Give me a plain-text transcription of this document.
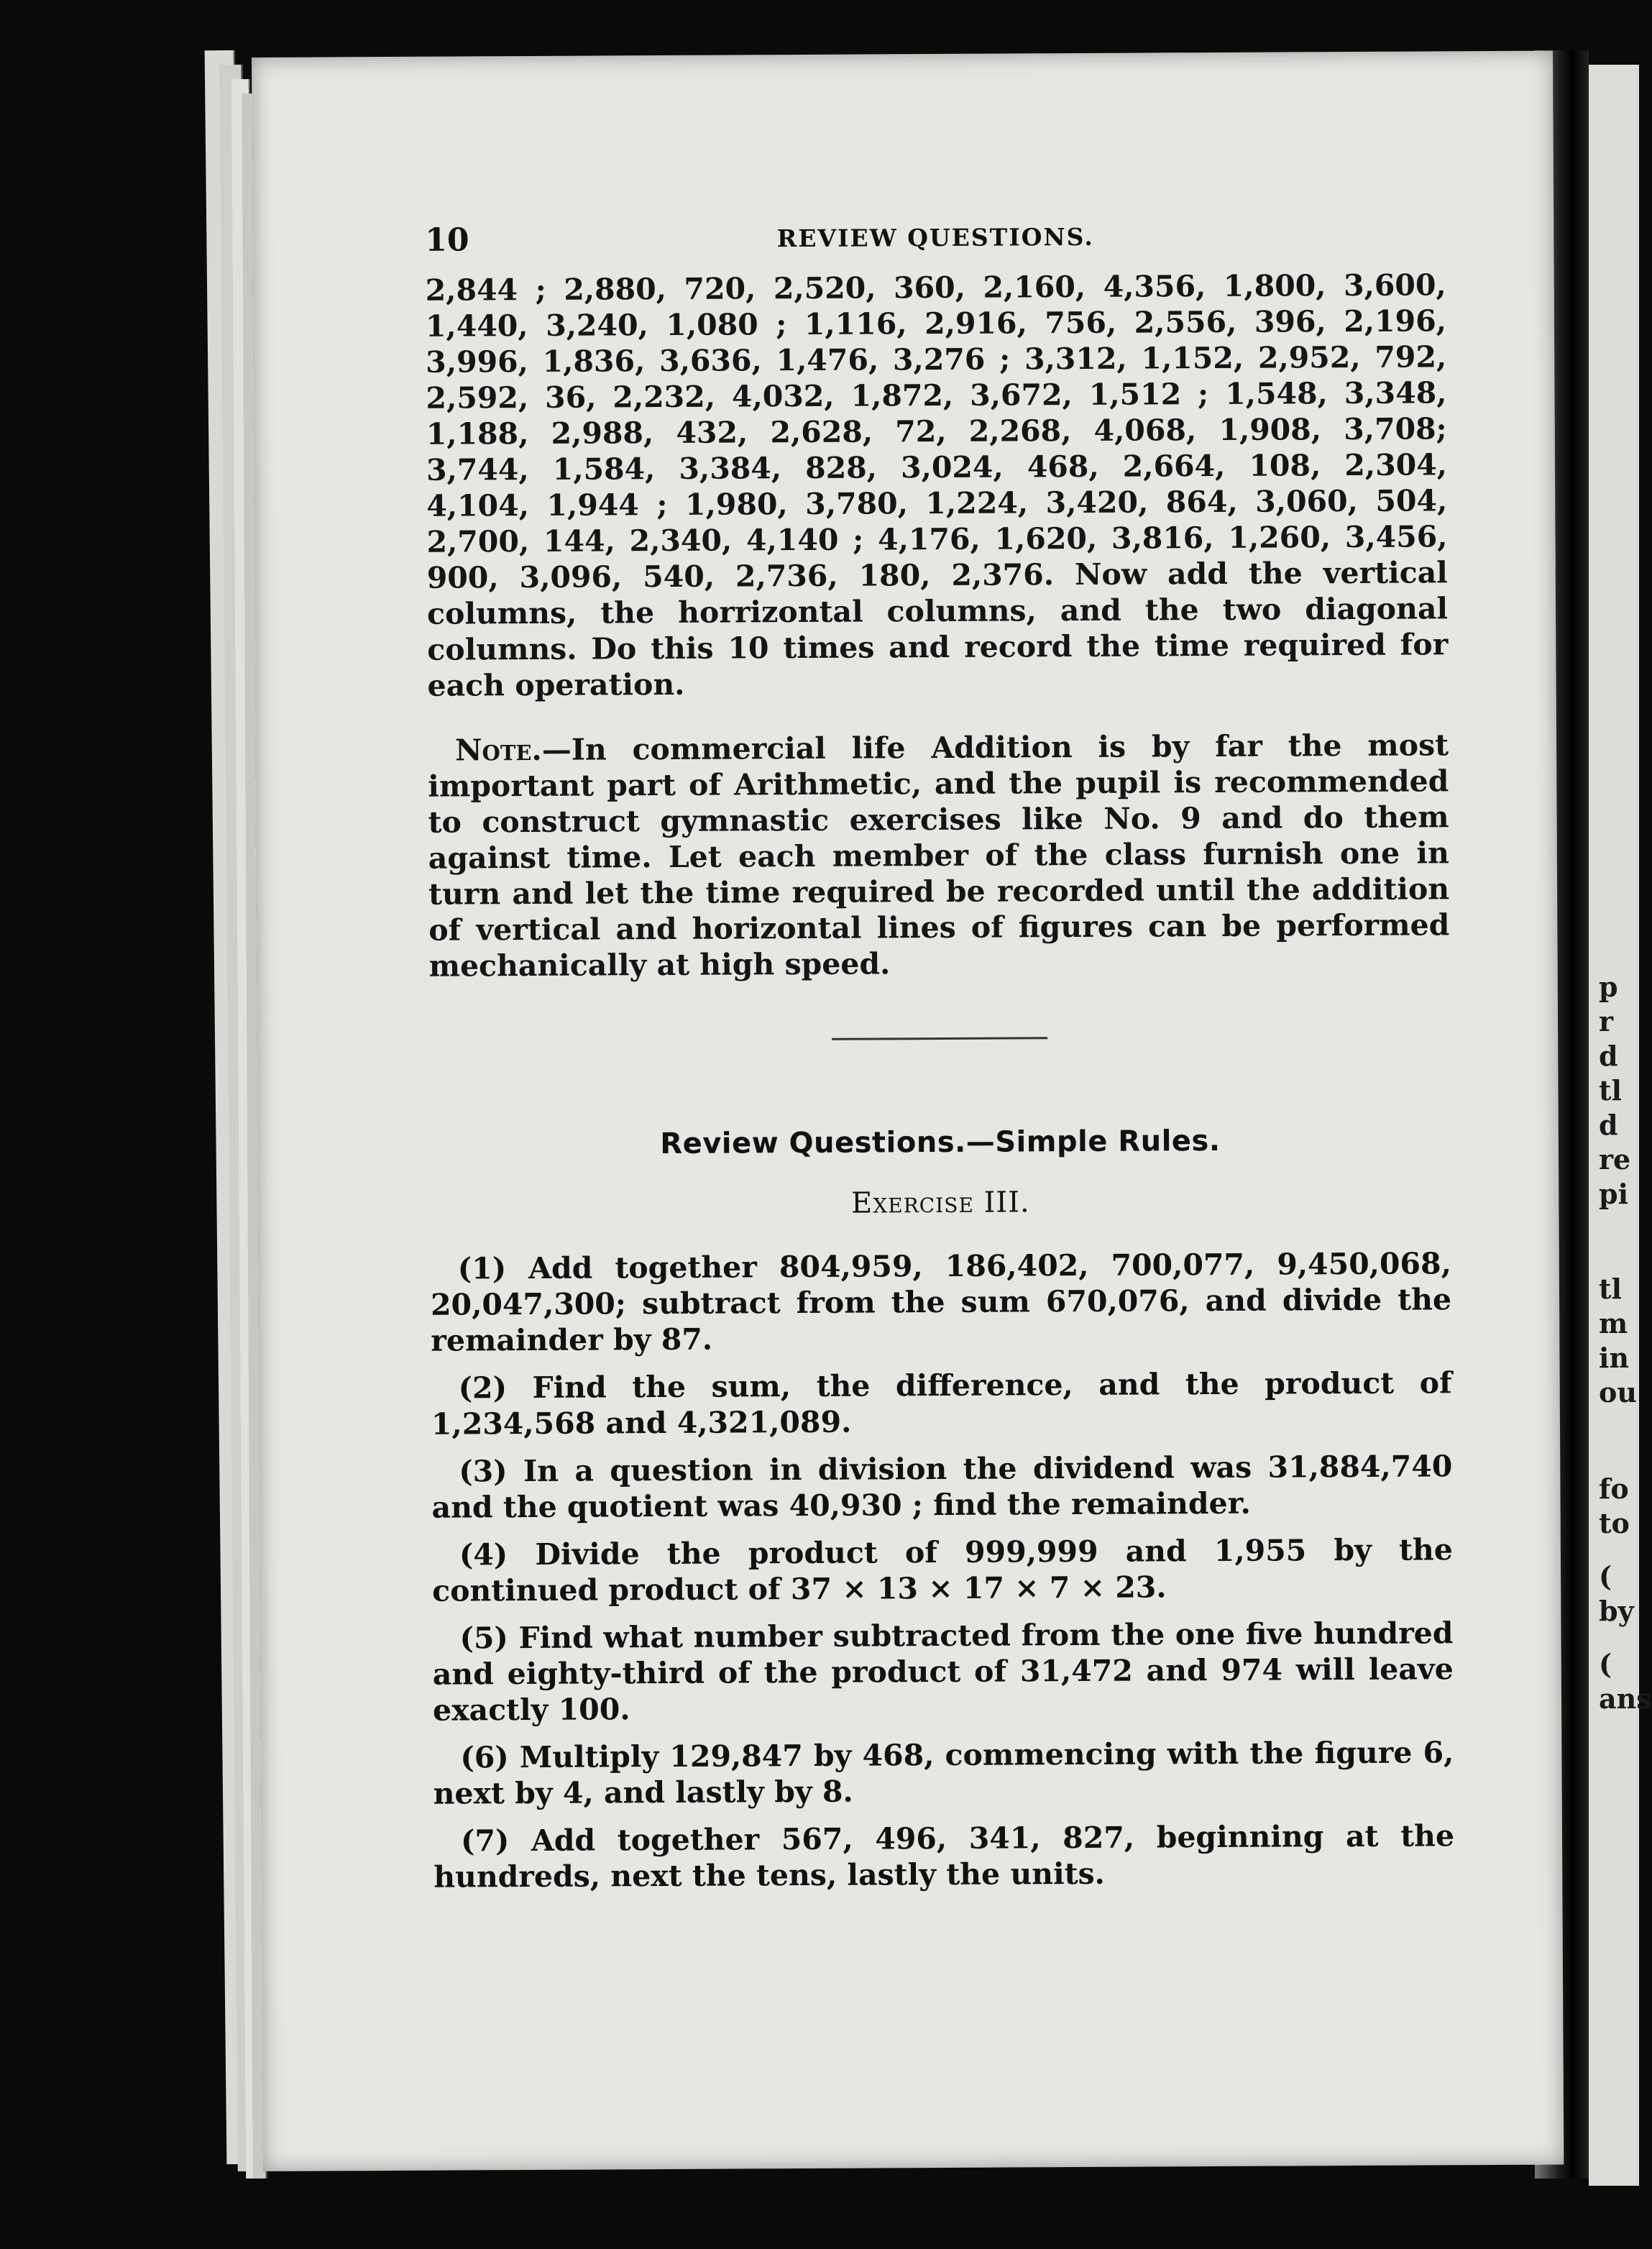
p
r
d
tl
d
re
pi
tl
m
in
ou
fo
to
(
by
(
ans
10	REVIEW QUESTIONS.

2,844 ; 2,880, 720, 2,520, 360, 2,160, 4,356, 1,800, 3,600, 1,440, 3,240, 1,080 ; 1,116, 2,916, 756, 2,556, 396, 2,196, 3,996, 1,836, 3,636, 1,476, 3,276 ; 3,312, 1,152, 2,952, 792, 2,592, 36, 2,232, 4,032, 1,872, 3,672, 1,512 ; 1,548, 3,348, 1,188, 2,988, 432, 2,628, 72, 2,268, 4,068, 1,908, 3,708; 3,744, 1,584, 3,384, 828, 3,024, 468, 2,664, 108, 2,304, 4,104, 1,944 ; 1,980, 3,780, 1,224, 3,420, 864, 3,060, 504, 2,700, 144, 2,340, 4,140 ; 4,176, 1,620, 3,816, 1,260, 3,456, 900, 3,096, 540, 2,736, 180, 2,376. Now add the vertical columns, the horrizontal columns, and the two diagonal columns. Do this 10 times and record the time required for each operation.

Note.—In commercial life Addition is by far the most important part of Arithmetic, and the pupil is recommended to construct gymnastic exercises like No. 9 and do them against time. Let each member of the class furnish one in turn and let the time required be recorded until the addition of vertical and horizontal lines of figures can be performed mechanically at high speed.

Review Questions.—Simple Rules.
Exercise III.

(1) Add together 804,959, 186,402, 700,077, 9,450,068, 20,047,300; subtract from the sum 670,076, and divide the remainder by 87.

(2) Find the sum, the difference, and the product of 1,234,568 and 4,321,089.

(3) In a question in division the dividend was 31,884,740 and the quotient was 40,930 ; find the remainder.

(4) Divide the product of 999,999 and 1,955 by the continued product of 37 × 13 × 17 × 7 × 23.

(5) Find what number subtracted from the one five hundred and eighty-third of the product of 31,472 and 974 will leave exactly 100.

(6) Multiply 129,847 by 468, commencing with the figure 6, next by 4, and lastly by 8.

(7) Add together 567, 496, 341, 827, beginning at the hundreds, next the tens, lastly the units.
